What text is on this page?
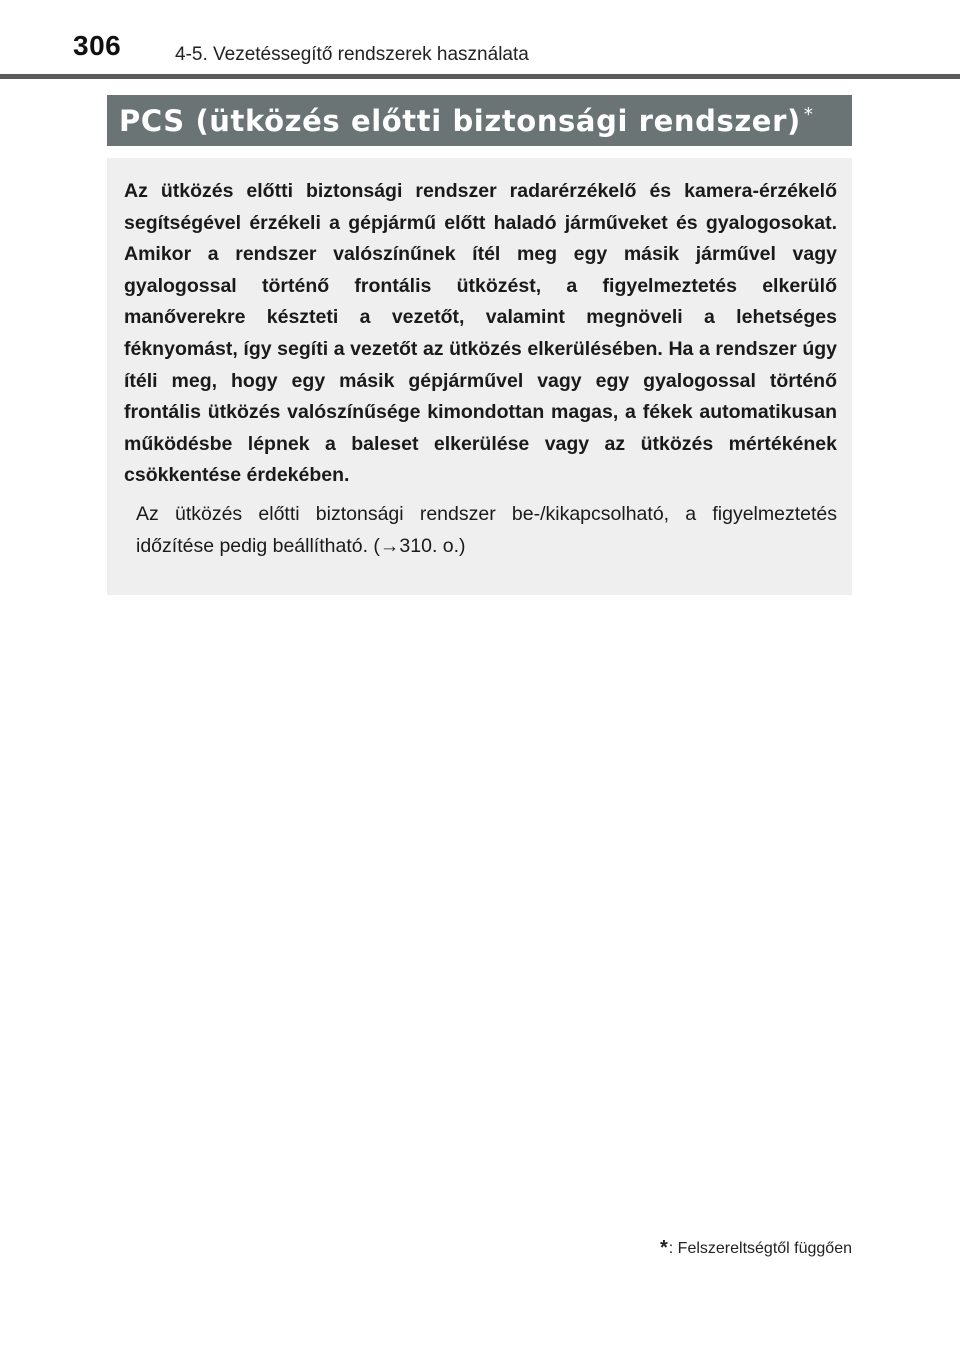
306	4-5. Vezetéssegítő rendszerek használata
PCS (ütközés előtti biztonsági rendszer) *

Az ütközés előtti biztonsági rendszer radarérzékelő és kamera-érzékelő segítségével érzékeli a gépjármű előtt haladó járműveket és gyalogosokat. Amikor a rendszer valószínűnek ítél meg egy másik járművel vagy gyalogossal történő frontális ütközést, a figyelmeztetés elkerülő manőverekre készteti a vezetőt, valamint megnöveli a lehetséges féknyomást, így segíti a vezetőt az ütközés elkerülésében. Ha a rendszer úgy ítéli meg, hogy egy másik gépjárművel vagy egy gyalogossal történő frontális ütközés valószínűsége kimondottan magas, a fékek automatikusan működésbe lépnek a baleset elkerülése vagy az ütközés mértékének csökkentése érdekében.

Az ütközés előtti biztonsági rendszer be-/kikapcsolható, a figyelmeztetés időzítése pedig beállítható. (→310. o.)

* : Felszereltségtől függően
